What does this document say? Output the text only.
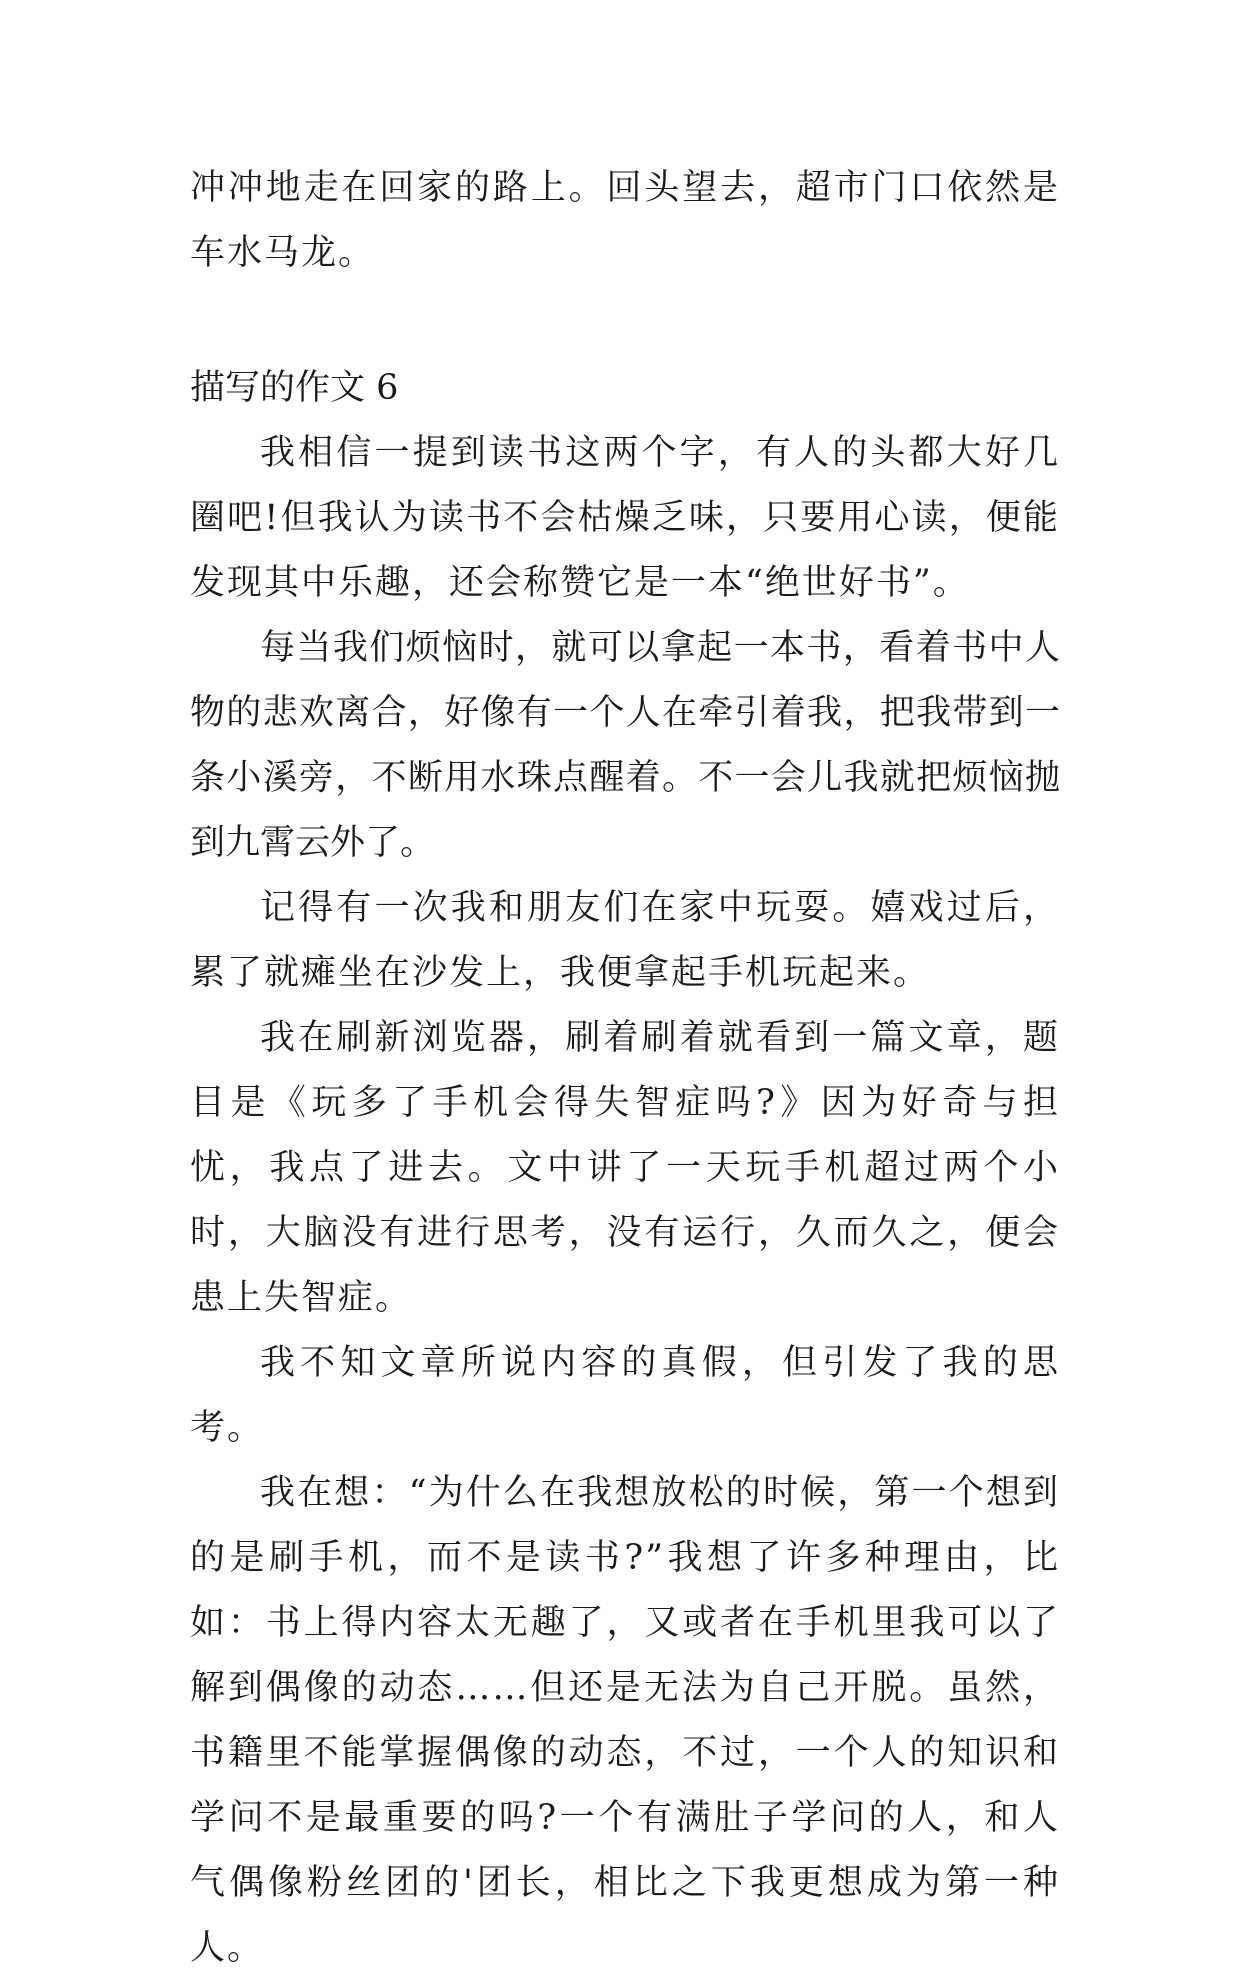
冲冲地走在回家的路上。回头望去，超市门口依然是车水马龙。

描写的作文 6

我相信一提到读书这两个字，有人的头都大好几圈吧!但我认为读书不会枯燥乏味，只要用心读，便能发现其中乐趣，还会称赞它是一本“绝世好书”。

每当我们烦恼时，就可以拿起一本书，看着书中人物的悲欢离合，好像有一个人在牵引着我，把我带到一条小溪旁，不断用水珠点醒着。不一会儿我就把烦恼抛到九霄云外了。

记得有一次我和朋友们在家中玩耍。嬉戏过后，累了就瘫坐在沙发上，我便拿起手机玩起来。

我在刷新浏览器，刷着刷着就看到一篇文章，题目是《玩多了手机会得失智症吗?》因为好奇与担忧，我点了进去。文中讲了一天玩手机超过两个小时，大脑没有进行思考，没有运行，久而久之，便会患上失智症。

我不知文章所说内容的真假，但引发了我的思考。

我在想：“为什么在我想放松的时候，第一个想到的是刷手机，而不是读书?”我想了许多种理由，比如：书上得内容太无趣了，又或者在手机里我可以了解到偶像的动态……但还是无法为自己开脱。虽然，书籍里不能掌握偶像的动态，不过，一个人的知识和学问不是最重要的吗?一个有满肚子学问的人，和人气偶像粉丝团的'团长，相比之下我更想成为第一种人。
